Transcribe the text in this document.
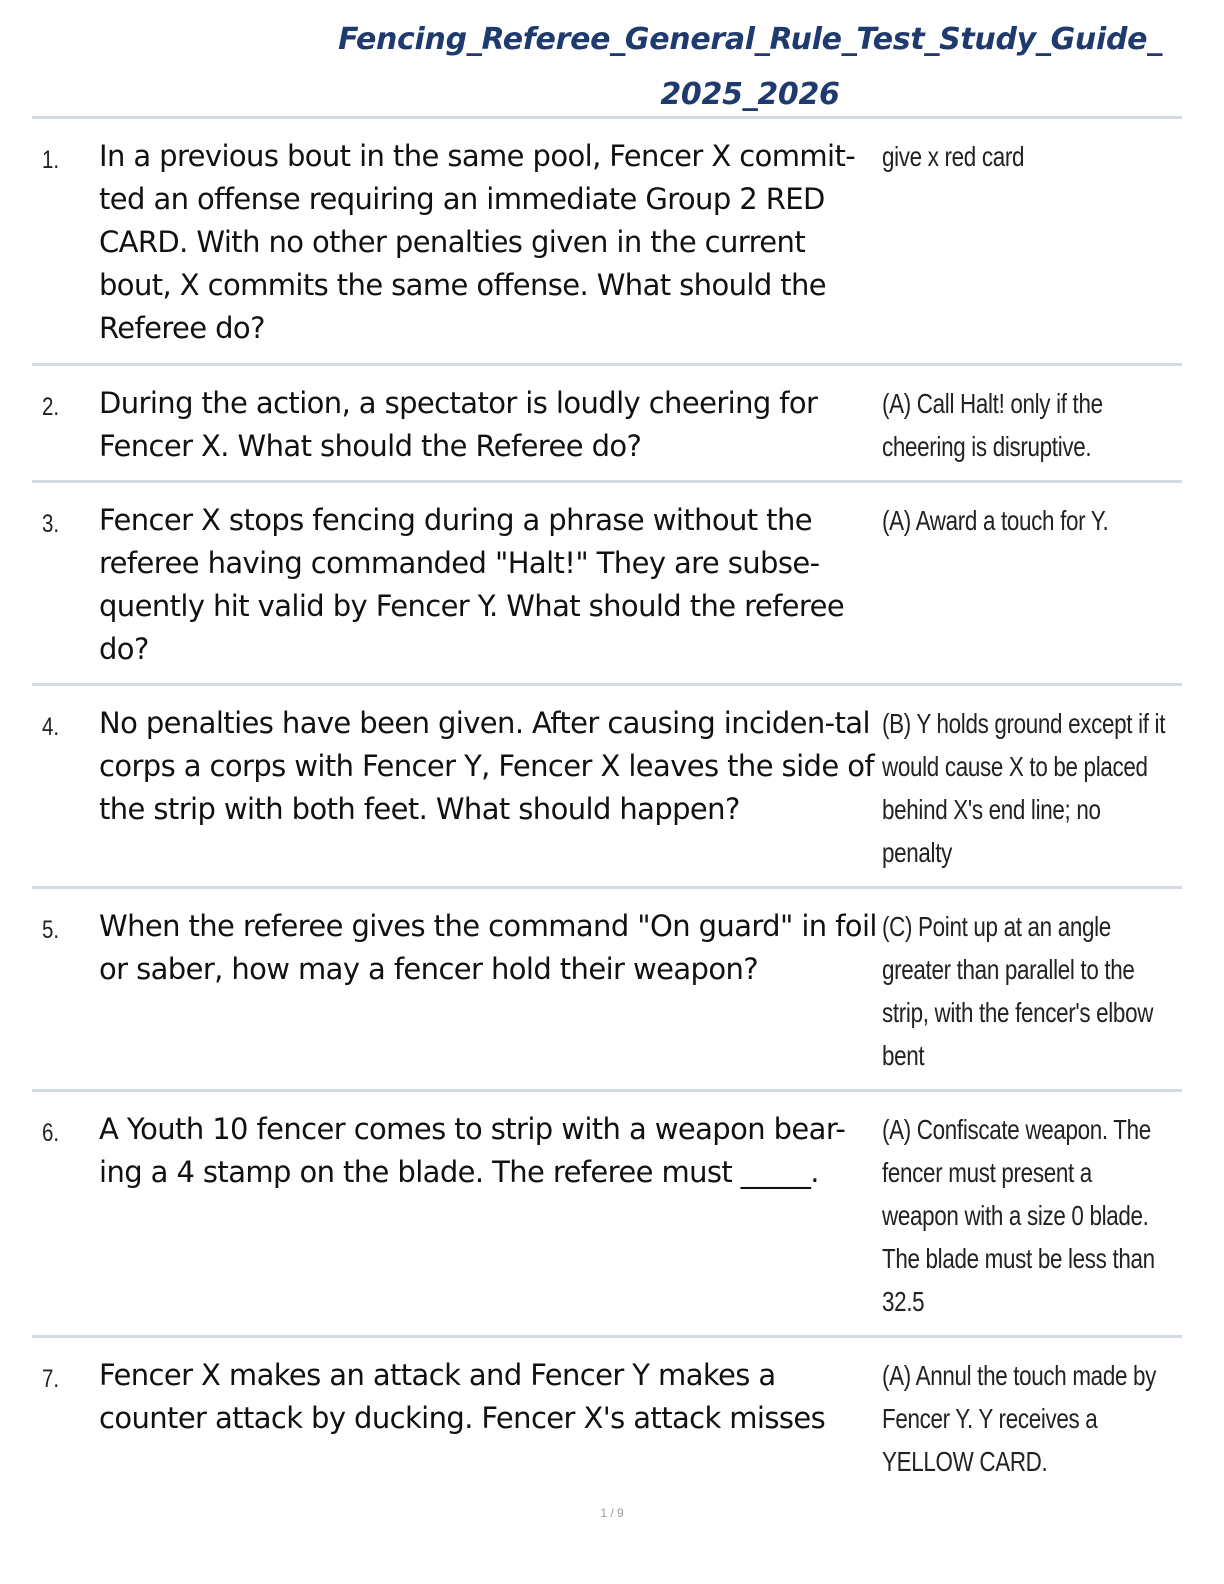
Fencing_Referee_General_Rule_Test_Study_Guide_
2025_2026
1.	In a previous bout in the same pool, Fencer X commit-ted an offense requiring an immediate Group 2 RED CARD. With no other penalties given in the current bout, X commits the same offense. What should the Referee do?
give x red card
2.	During the action, a spectator is loudly cheering for Fencer X. What should the Referee do?
(A) Call Halt! only if the cheering is disruptive.
3.	Fencer X stops fencing during a phrase without the referee having commanded "Halt!" They are subse-quently hit valid by Fencer Y. What should the referee do?
(A) Award a touch for Y.
4.	No penalties have been given. After causing inciden-tal corps a corps with Fencer Y, Fencer X leaves the side of the strip with both feet. What should happen?
(B) Y holds ground except if it would cause X to be placed behind X's end line; no penalty
5.	When the referee gives the command "On guard" in foil or saber, how may a fencer hold their weapon?
(C) Point up at an angle greater than parallel to the strip, with the fencer's elbow bent
6.	A Youth 10 fencer comes to strip with a weapon bear-ing a 4 stamp on the blade. The referee must _____.
(A) Confiscate weapon. The fencer must present a weapon with a size 0 blade. The blade must be less than 32.5
7.	Fencer X makes an attack and Fencer Y makes a counter attack by ducking. Fencer X's attack misses
(A) Annul the touch made by Fencer Y. Y receives a YELLOW CARD.
1 / 9
